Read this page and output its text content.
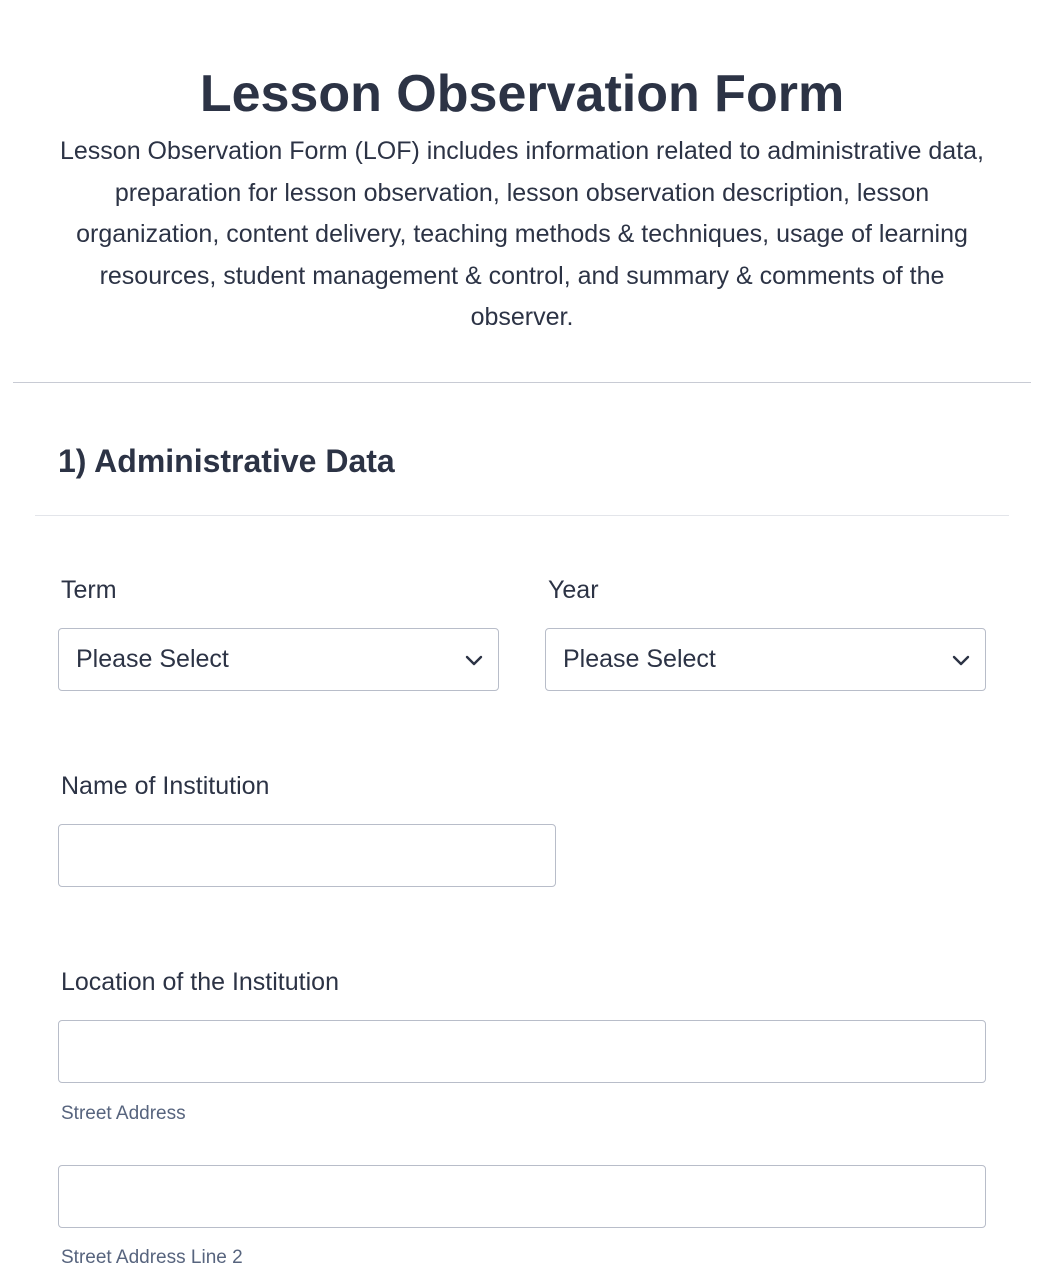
Lesson Observation Form

Lesson Observation Form (LOF) includes information related to administrative data, preparation for lesson observation, lesson observation description, lesson organization, content delivery, teaching methods & techniques, usage of learning resources, student management & control, and summary & comments of the observer.

1) Administrative Data
Term
Please Select
Year
Please Select
Name of Institution
Location of the Institution
Street Address
Street Address Line 2
